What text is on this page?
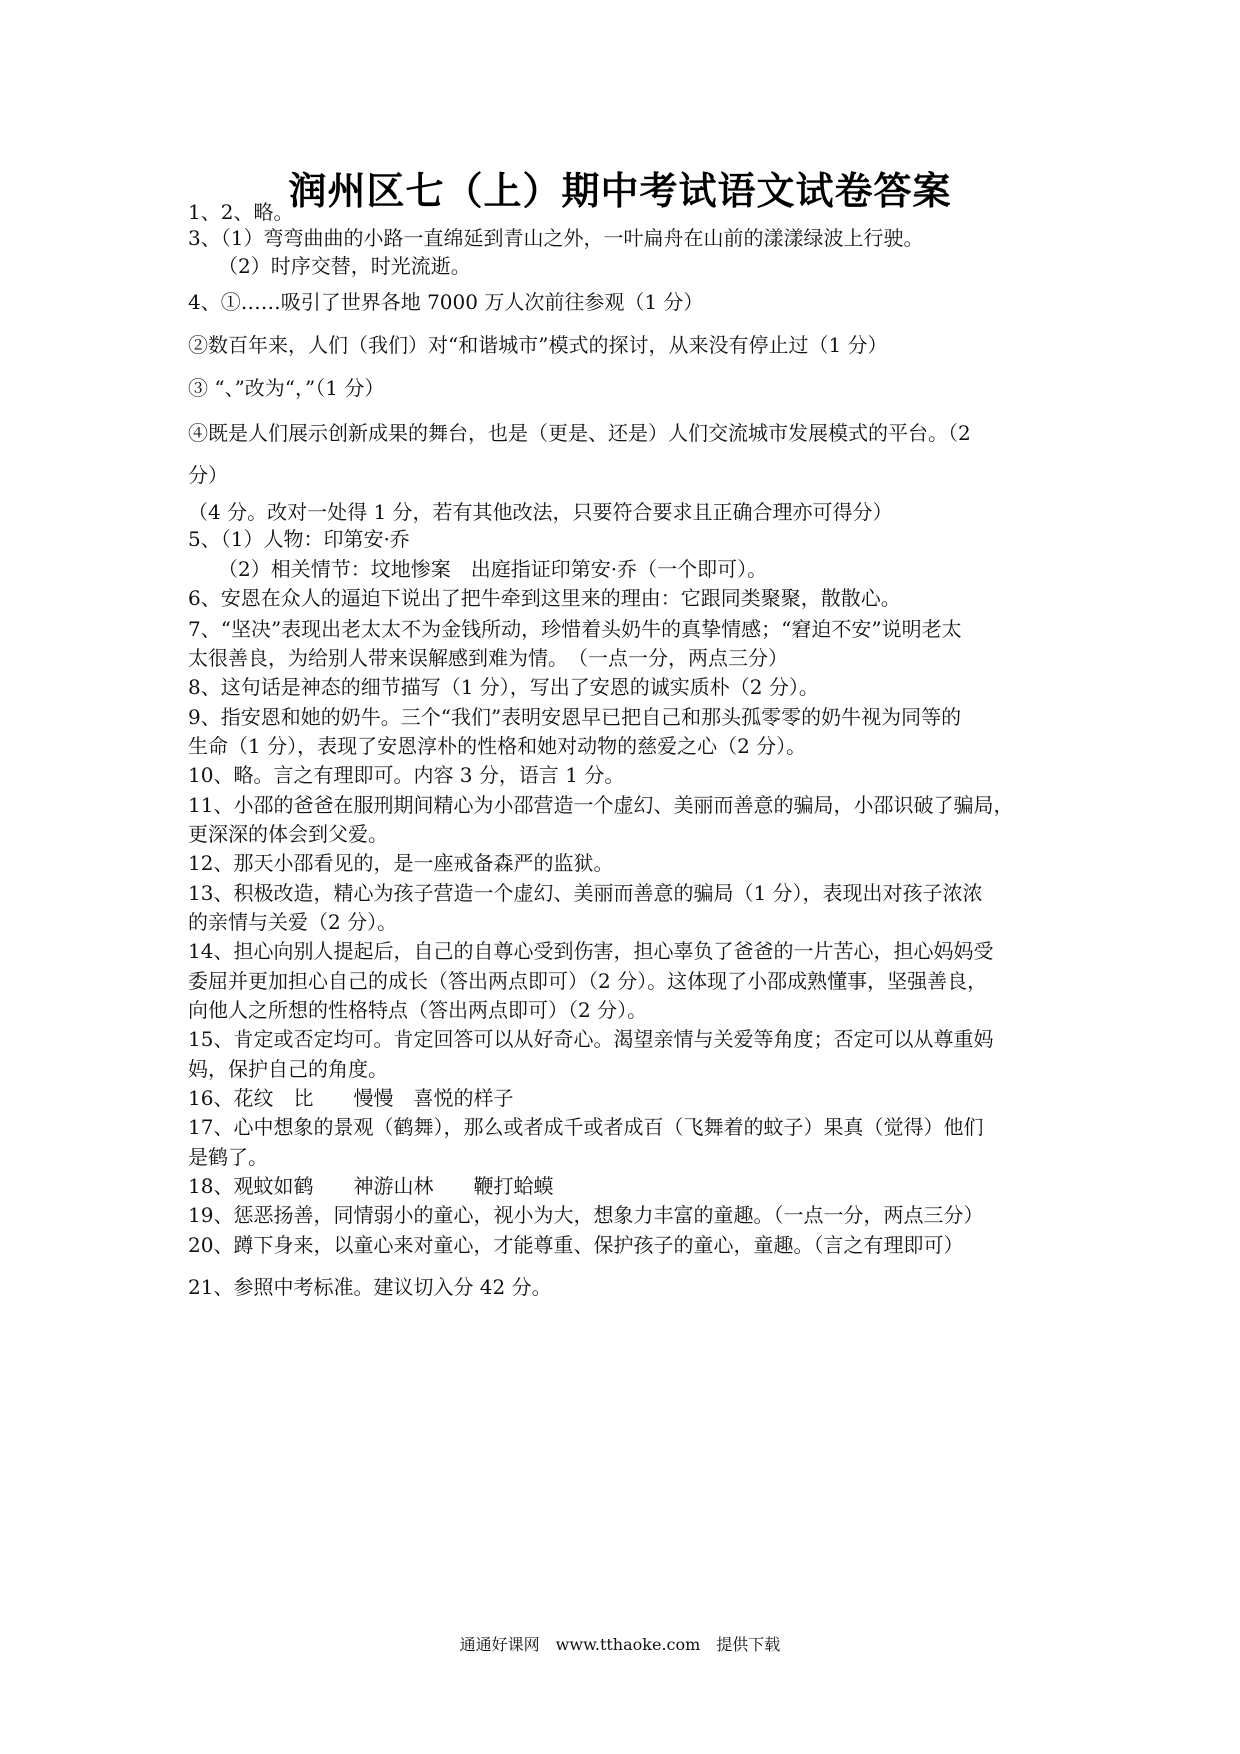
润州区七（上）期中考试语文试卷答案
1、2、略。
3、（1）弯弯曲曲的小路一直绵延到青山之外，一叶扁舟在山前的漾漾绿波上行驶。
（2）时序交替，时光流逝。
4、①……吸引了世界各地 7000 万人次前往参观（1 分）
②数百年来，人们（我们）对“和谐城市”模式的探讨，从来没有停止过（1 分）
③ “、”改为“，”（1 分）
④既是人们展示创新成果的舞台，也是（更是、还是）人们交流城市发展模式的平台。（2
分）
（4 分。改对一处得 1 分，若有其他改法，只要符合要求且正确合理亦可得分）
5、（1）人物：印第安·乔
（2）相关情节：坟地惨案　出庭指证印第安·乔（一个即可）。
6、安恩在众人的逼迫下说出了把牛牵到这里来的理由：它跟同类聚聚，散散心。
7、“坚决”表现出老太太不为金钱所动，珍惜着头奶牛的真挚情感；“窘迫不安”说明老太
太很善良，为给别人带来误解感到难为情。　（一点一分，两点三分）
8、这句话是神态的细节描写（1 分），写出了安恩的诚实质朴（2 分）。
9、指安恩和她的奶牛。三个“我们”表明安恩早已把自己和那头孤零零的奶牛视为同等的
生命（1 分），表现了安恩淳朴的性格和她对动物的慈爱之心（2 分）。
10、略。言之有理即可。内容 3 分，语言 1 分。
11、小邵的爸爸在服刑期间精心为小邵营造一个虚幻、美丽而善意的骗局，小邵识破了骗局，
更深深的体会到父爱。
12、那天小邵看见的，是一座戒备森严的监狱。
13、积极改造，精心为孩子营造一个虚幻、美丽而善意的骗局（1 分），表现出对孩子浓浓
的亲情与关爱（2 分）。
14、担心向别人提起后，自己的自尊心受到伤害，担心辜负了爸爸的一片苦心，担心妈妈受
委屈并更加担心自己的成长（答出两点即可）（2 分）。这体现了小邵成熟懂事，坚强善良，
向他人之所想的性格特点（答出两点即可）（2 分）。
15、肯定或否定均可。肯定回答可以从好奇心。渴望亲情与关爱等角度；否定可以从尊重妈
妈，保护自己的角度。
16、花纹　比　　慢慢　喜悦的样子
17、心中想象的景观（鹤舞），那么或者成千或者成百（飞舞着的蚊子）果真（觉得）他们
是鹤了。
18、观蚊如鹤　　神游山林　　鞭打蛤蟆
19、惩恶扬善，同情弱小的童心，视小为大，想象力丰富的童趣。（一点一分，两点三分）
20、蹲下身来，以童心来对童心，才能尊重、保护孩子的童心，童趣。（言之有理即可）
21、参照中考标准。建议切入分 42 分。
通通好课网　www.tthaoke.com　提供下载
